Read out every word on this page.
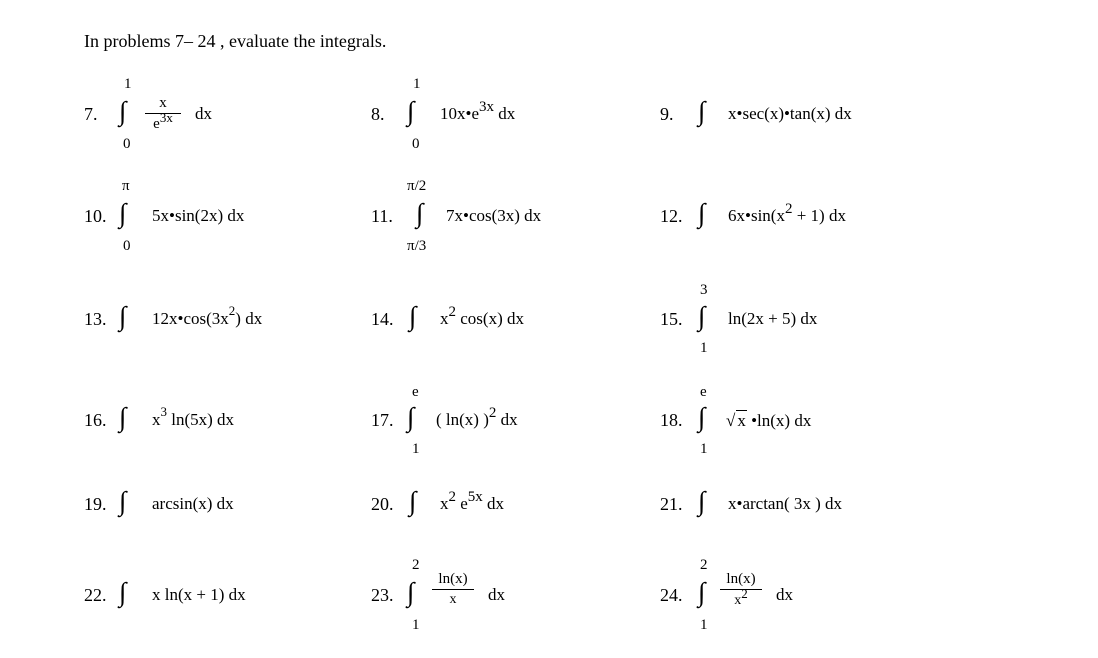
In problems 7– 24 , evaluate the integrals.
7.
1
∫
0
x
e3x	dx	8.
1
∫
0
10x•e3x dx	9. ∫ x•sec(x)•tan(x) dx
10.
π
∫
0
5x•sin(2x) dx	11.
π/2
∫
π/3
7x•cos(3x) dx	12. ∫ 6x•sin(x2 + 1) dx
13. ∫ $12x•\cos(3x^2)$ dx	14. ∫ x2 cos(x) dx	15.
3
∫
1
ln(2x + 5) dx
16. ∫ $x^3$ ln(5x) dx	17.
e
∫
1
( ln(x) )2 dx	18.
e
∫
1
√ x •ln(x) dx
19. ∫ arcsin(x) dx	20. ∫ x2 e5x dx	21. ∫ x•arctan( 3x ) dx
22. ∫ x ln(x + 1) dx	23.
2
∫
1
ln(x)
x	dx	24.
2
∫
1
ln(x)
x2	dx
